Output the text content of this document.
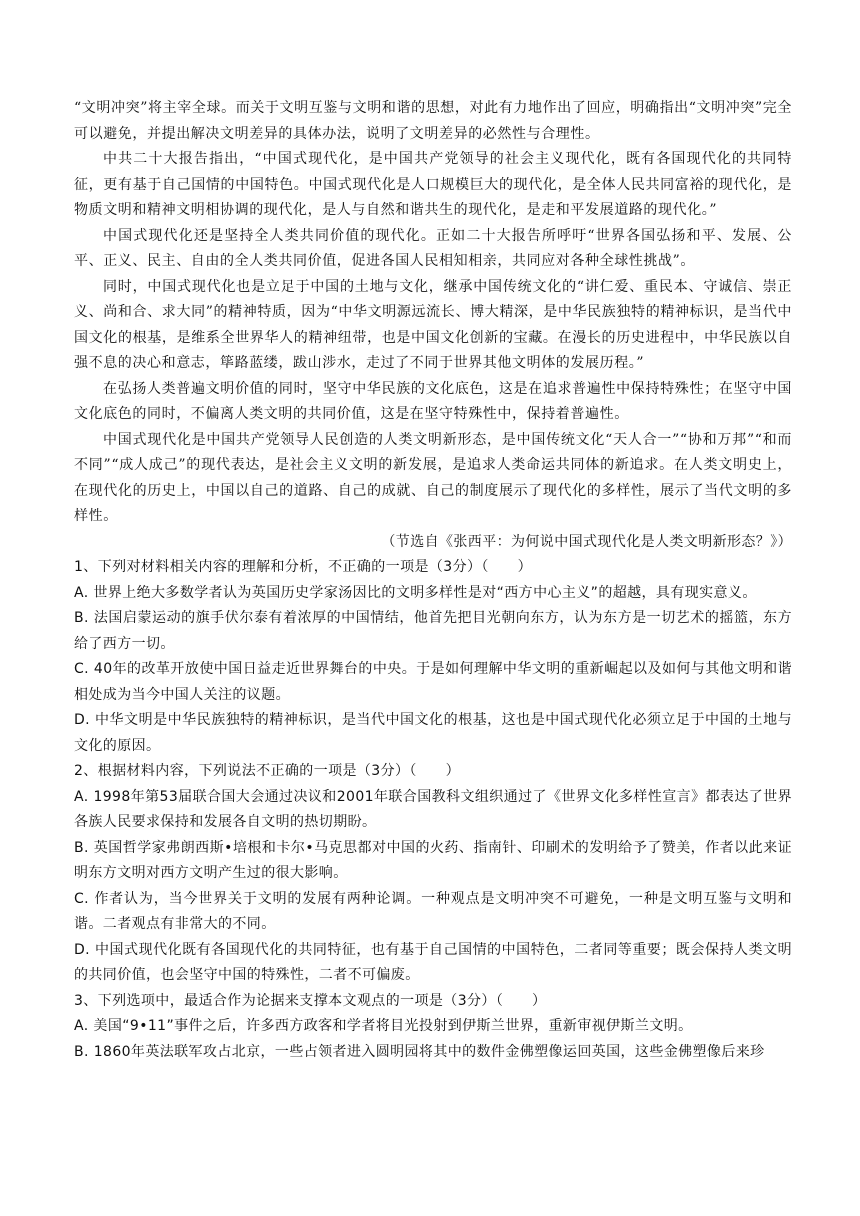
“文明冲突”将主宰全球。而关于文明互鉴与文明和谐的思想，对此有力地作出了回应，明确指出“文明冲突”完全可以避免，并提出解决文明差异的具体办法，说明了文明差异的必然性与合理性。

中共二十大报告指出，“中国式现代化，是中国共产党领导的社会主义现代化，既有各国现代化的共同特征，更有基于自己国情的中国特色。中国式现代化是人口规模巨大的现代化，是全体人民共同富裕的现代化，是物质文明和精神文明相协调的现代化，是人与自然和谐共生的现代化，是走和平发展道路的现代化。”

中国式现代化还是坚持全人类共同价值的现代化。正如二十大报告所呼吁“世界各国弘扬和平、发展、公平、正义、民主、自由的全人类共同价值，促进各国人民相知相亲，共同应对各种全球性挑战”。

同时，中国式现代化也是立足于中国的土地与文化，继承中国传统文化的“讲仁爱、重民本、守诚信、崇正义、尚和合、求大同”的精神特质，因为“中华文明源远流长、博大精深，是中华民族独特的精神标识，是当代中国文化的根基，是维系全世界华人的精神纽带，也是中国文化创新的宝藏。在漫长的历史进程中，中华民族以自强不息的决心和意志，筚路蓝缕，跋山涉水，走过了不同于世界其他文明体的发展历程。”

在弘扬人类普遍文明价值的同时，坚守中华民族的文化底色，这是在追求普遍性中保持特殊性；在坚守中国文化底色的同时，不偏离人类文明的共同价值，这是在坚守特殊性中，保持着普遍性。

中国式现代化是中国共产党领导人民创造的人类文明新形态，是中国传统文化“天人合一”“协和万邦”“和而不同”“成人成己”的现代表达，是社会主义文明的新发展，是追求人类命运共同体的新追求。在人类文明史上，在现代化的历史上，中国以自己的道路、自己的成就、自己的制度展示了现代化的多样性，展示了当代文明的多样性。

（节选自《张西平：为何说中国式现代化是人类文明新形态？》）

1、下列对材料相关内容的理解和分析，不正确的一项是（3分）（　　）

A. 世界上绝大多数学者认为英国历史学家汤因比的文明多样性是对“西方中心主义”的超越，具有现实意义。

B. 法国启蒙运动的旗手伏尔泰有着浓厚的中国情结，他首先把目光朝向东方，认为东方是一切艺术的摇篮，东方给了西方一切。

C. 40年的改革开放使中国日益走近世界舞台的中央。于是如何理解中华文明的重新崛起以及如何与其他文明和谐相处成为当今中国人关注的议题。

D. 中华文明是中华民族独特的精神标识，是当代中国文化的根基，这也是中国式现代化必须立足于中国的土地与文化的原因。

2、根据材料内容，下列说法不正确的一项是（3分）（　　）

A. 1998年第53届联合国大会通过决议和2001年联合国教科文组织通过了《世界文化多样性宣言》都表达了世界各族人民要求保持和发展各自文明的热切期盼。

B. 英国哲学家弗朗西斯•培根和卡尔•马克思都对中国的火药、指南针、印刷术的发明给予了赞美，作者以此来证明东方文明对西方文明产生过的很大影响。

C. 作者认为，当今世界关于文明的发展有两种论调。一种观点是文明冲突不可避免，一种是文明互鉴与文明和谐。二者观点有非常大的不同。

D. 中国式现代化既有各国现代化的共同特征，也有基于自己国情的中国特色，二者同等重要；既会保持人类文明的共同价值，也会坚守中国的特殊性，二者不可偏废。

3、下列选项中，最适合作为论据来支撑本文观点的一项是（3分）（　　）

A. 美国“9•11”事件之后，许多西方政客和学者将目光投射到伊斯兰世界，重新审视伊斯兰文明。

B. 1860年英法联军攻占北京，一些占领者进入圆明园将其中的数件金佛塑像运回英国，这些金佛塑像后来珍
